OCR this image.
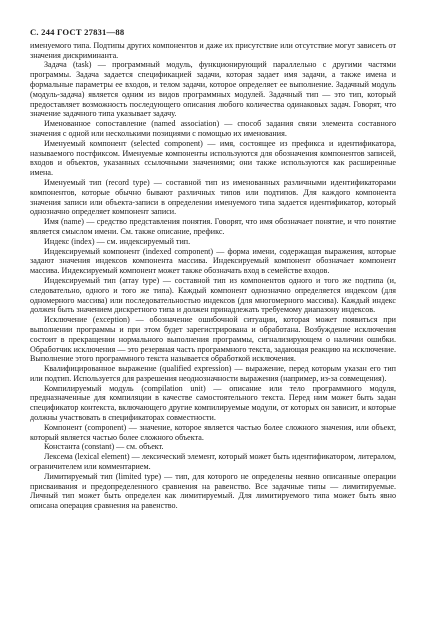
С. 244 ГОСТ 27831—88

именуемого типа. Подтипы других компонентов и даже их присутствие или отсутствие могут зависеть от значения дискриминанта.

Задача (task) — программный модуль, функционирующий параллельно с другими частями программы. Задача задается спецификацией задачи, которая задает имя задачи, а также имена и формальные параметры ее входов, и телом задачи, которое определяет ее выполнение. Задачный модуль (модуль-задача) является одним из видов программных модулей. Задачный тип — это тип, который предоставляет возможность последующего описания любого количества одинаковых задач. Говорят, что значение задачного типа указывает задачу.

Именованное сопоставление (named association) — способ задания связи элемента составного значения с одной или несколькими позициями с помощью их именования.

Именуемый компонент (selected component) — имя, состоящее из префикса и идентификатора, называемого постфиксом. Именуемые компоненты используются для обозначения компонентов записей, входов и объектов, указанных ссылочными значениями; они также используются как расширенные имена.

Именуемый тип (record type) — составной тип из именованных различными идентификаторами компонентов, которые обычно бывают различных типов или подтипов. Для каждого компонента значения записи или объекта-записи в определении именуемого типа задается идентификатор, который однозначно определяет компонент записи.

Имя (name) — средство представления понятия. Говорят, что имя обозначает понятие, и что понятие является смыслом имени. См. также описание, префикс.

Индекс (index) — см. индексируемый тип.

Индексируемый компонент (indexed component) — форма имени, содержащая выражения, которые задают значения индексов компонента массива. Индексируемый компонент обозначает компонент массива. Индексируемый компонент может также обозначать вход в семействе входов.

Индексируемый тип (array type) — составной тип из компонентов одного и того же подтипа (и, следовательно, одного и того же типа). Каждый компонент однозначно определяется индексом (для одномерного массива) или последовательностью индексов (для многомерного массива). Каждый индекс должен быть значением дискретного типа и должен принадлежать требуемому диапазону индексов.

Исключение (exception) — обозначение ошибочной ситуации, которая может появиться при выполнении программы и при этом будет зарегистрирована и обработана. Возбуждение исключения состоит в прекращении нормального выполнения программы, сигнализирующем о наличии ошибки. Обработчик исключения — это резервная часть программного текста, задающая реакцию на исключение. Выполнение этого программного текста называется обработкой исключения.

Квалифицированное выражение (qualified expression) — выражение, перед которым указан его тип или подтип. Используется для разрешения неоднозначности выражения (например, из-за совмещения).

Компилируемый модуль (compilation unit) — описание или тело программного модуля, предназначенные для компиляции в качестве самостоятельного текста. Перед ним может быть задан спецификатор контекста, включающего другие компилируемые модули, от которых он зависит, и которые должны участвовать в спецификаторах совместности.

Компонент (component) — значение, которое является частью более сложного значения, или объект, который является частью более сложного объекта.

Константа (constant) — см. объект.

Лексема (lexical element) — лексический элемент, который может быть идентификатором, литералом, ограничителем или комментарием.

Лимитируемый тип (limited type) — тип, для которого не определены неявно описанные операции присваивания и предопределенного сравнения на равенство. Все задачные типы — лимитируемые. Личный тип может быть определен как лимитируемый. Для лимитируемого типа может быть явно описана операция сравнения на равенство.
